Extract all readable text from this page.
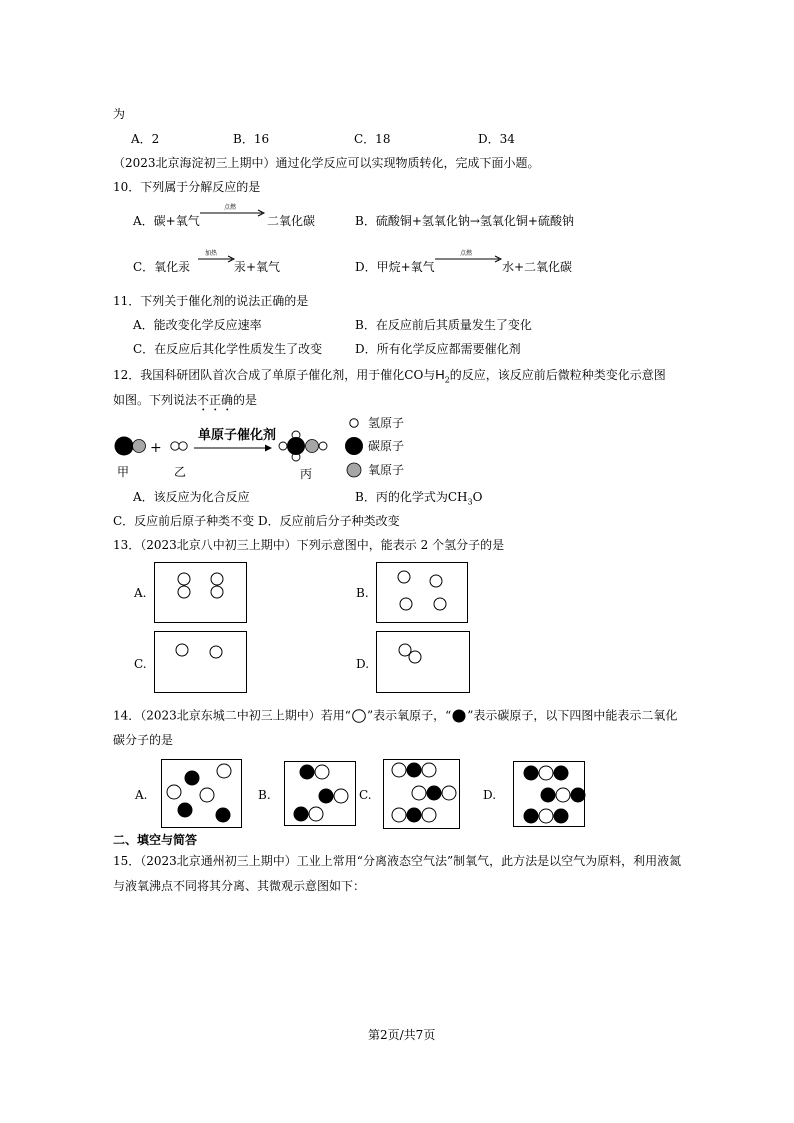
为
A．2	B．16	C．18	D．34
（2023北京海淀初三上期中）通过化学反应可以实现物质转化，完成下面小题。
10．下列属于分解反应的是
A．碳+氧气
点燃
二氧化碳	B．硫酸铜+氢氧化钠→氢氧化铜+硫酸钠
C．氧化汞
加热
汞+氧气	D．甲烷+氧气
点燃
水+二氧化碳
11．下列关于催化剂的说法正确的是
A．能改变化学反应速率	B．在反应前后其质量发生了变化
C．在反应后其化学性质发生了改变	D．所有化学反应都需要催化剂
12．我国科研团队首次合成了单原子催化剂，用于催化CO与$H_2$的反应，该反应前后微粒种类变化示意图
如图。下列说法不正确的是
+
单原子催化剂
甲	乙	丙
氢原子
碳原子
氧原子
A．该反应为化合反应	B．丙的化学式为$CH_3O$
C．反应前后原子种类不变 D．反应前后分子种类改变
13．（2023北京八中初三上期中）下列示意图中，能表示 2 个氢分子的是
A.	B.
C.	D.
14．（2023北京东城二中初三上期中）若用“ ”表示氧原子，“ ”表示碳原子，以下四图中能表示二氧化
碳分子的是
A.	B.	C.	D.
二、填空与简答
15．（2023北京通州初三上期中）工业上常用“分离液态空气法”制氧气，此方法是以空气为原料，利用液氮
与液氧沸点不同将其分离、其微观示意图如下：
第2页/共7页
